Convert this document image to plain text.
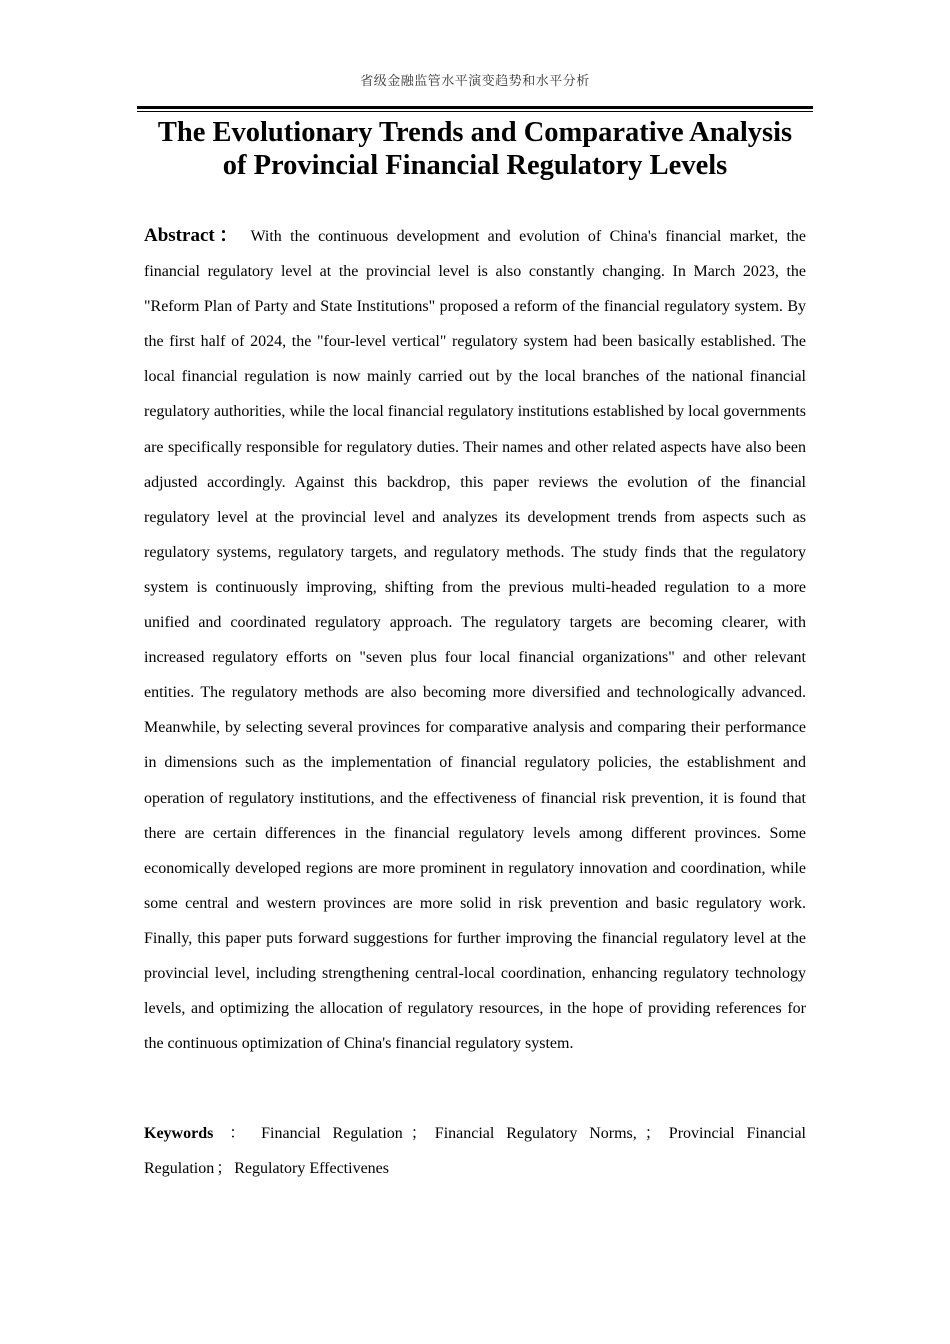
省级金融监管水平演变趋势和水平分析
The Evolutionary Trends and Comparative Analysis
of Provincial Financial Regulatory Levels

Abstract： With the continuous development and evolution of China's financial market, the financial regulatory level at the provincial level is also constantly changing. In March 2023, the "Reform Plan of Party and State Institutions" proposed a reform of the financial regulatory system. By the first half of 2024, the "four-level vertical" regulatory system had been basically established. The local financial regulation is now mainly carried out by the local branches of the national financial regulatory authorities, while the local financial regulatory institutions established by local governments are specifically responsible for regulatory duties. Their names and other related aspects have also been adjusted accordingly. Against this backdrop, this paper reviews the evolution of the financial regulatory level at the provincial level and analyzes its development trends from aspects such as regulatory systems, regulatory targets, and regulatory methods. The study finds that the regulatory system is continuously improving, shifting from the previous multi-headed regulation to a more unified and coordinated regulatory approach. The regulatory targets are becoming clearer, with increased regulatory efforts on "seven plus four local financial organizations" and other relevant entities. The regulatory methods are also becoming more diversified and technologically advanced. Meanwhile, by selecting several provinces for comparative analysis and comparing their performance in dimensions such as the implementation of financial regulatory policies, the establishment and operation of regulatory institutions, and the effectiveness of financial risk prevention, it is found that there are certain differences in the financial regulatory levels among different provinces. Some economically developed regions are more prominent in regulatory innovation and coordination, while some central and western provinces are more solid in risk prevention and basic regulatory work. Finally, this paper puts forward suggestions for further improving the financial regulatory level at the provincial level, including strengthening central-local coordination, enhancing regulatory technology levels, and optimizing the allocation of regulatory resources, in the hope of providing references for the continuous optimization of China's financial regulatory system.

Keywords ： Financial Regulation ； Financial Regulatory Norms, ； Provincial Financial Regulation ； Regulatory Effectivenes
